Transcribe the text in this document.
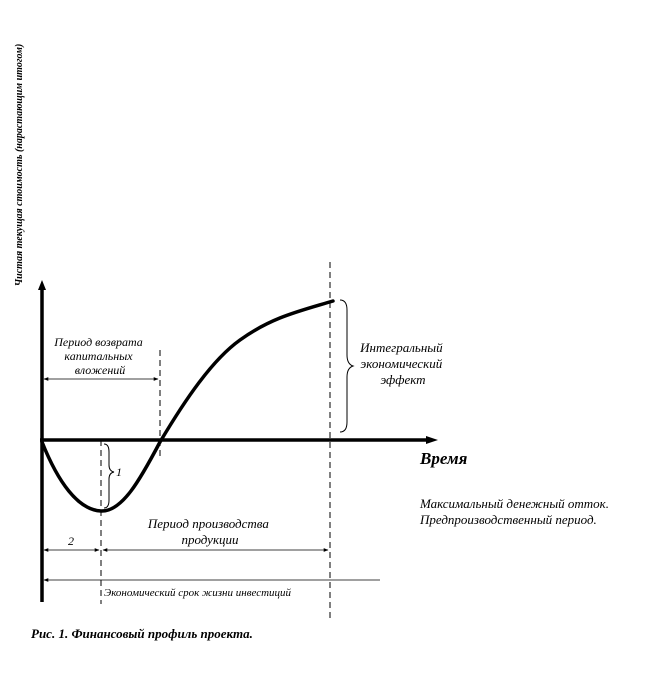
Чистая текущая стоимость (нарастающим итогом)
Время
Период возврата капитальных вложений
Интегральный экономический эффект
1
2
Период производства продукции
Экономический срок жизни инвестиций
Максимальный денежный отток. Предпроизводственный период.
Рис. 1. Финансовый профиль проекта.
